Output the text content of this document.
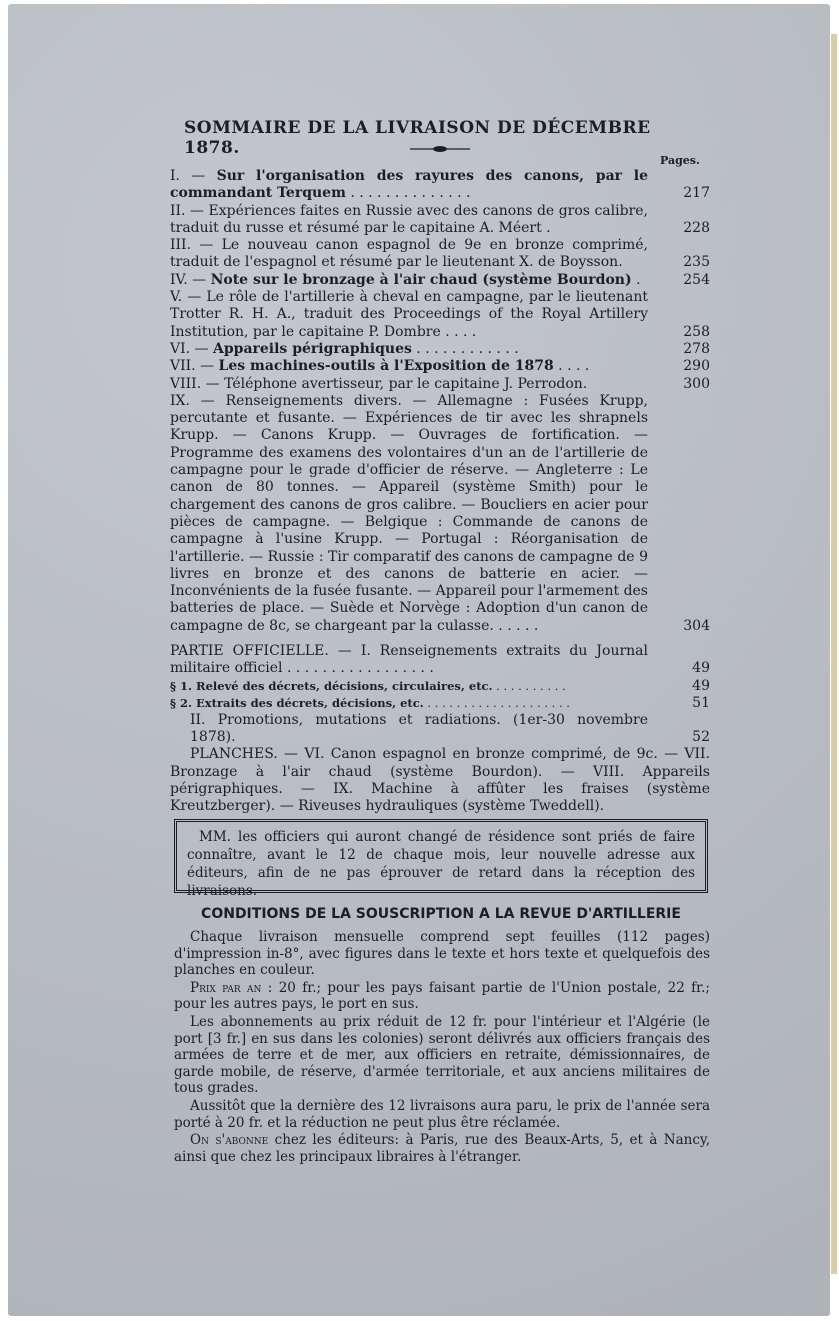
SOMMAIRE DE LA LIVRAISON DE DÉCEMBRE 1878.
Pages.
I. — Sur l'organisation des rayures des canons, par le commandant Terquem . . . . . . . . . . . . . .	217
II. — Expériences faites en Russie avec des canons de gros calibre, traduit du russe et résumé par le capitaine A. Méert .	228
III. — Le nouveau canon espagnol de 9e en bronze comprimé, traduit de l'espagnol et résumé par le lieutenant X. de Boysson.	235
IV. — Note sur le bronzage à l'air chaud (système Bourdon) .	254
V. — Le rôle de l'artillerie à cheval en campagne, par le lieutenant Trotter R. H. A., traduit des Proceedings of the Royal Artillery Institution, par le capitaine P. Dombre . . . .	258
VI. — Appareils périgraphiques . . . . . . . . . . . .	278
VII. — Les machines-outils à l'Exposition de 1878 . . . .	290
VIII. — Téléphone avertisseur, par le capitaine J. Perrodon.	300
IX. — Renseignements divers. — Allemagne : Fusées Krupp, percutante et fusante. — Expériences de tir avec les shrapnels Krupp. — Canons Krupp. — Ouvrages de fortification. — Programme des examens des volontaires d'un an de l'artillerie de campagne pour le grade d'officier de réserve. — Angleterre : Le canon de 80 tonnes. — Appareil (système Smith) pour le chargement des canons de gros calibre. — Boucliers en acier pour pièces de campagne. — Belgique : Commande de canons de campagne à l'usine Krupp. — Portugal : Réorganisation de l'artillerie. — Russie : Tir comparatif des canons de campagne de 9 livres en bronze et des canons de batterie en acier. — Inconvénients de la fusée fusante. — Appareil pour l'armement des batteries de place. — Suède et Norvège : Adoption d'un canon de campagne de 8c, se chargeant par la culasse. . . . . .	304
PARTIE OFFICIELLE. — I. Renseignements extraits du Journal militaire officiel . . . . . . . . . . . . . . . . .	49
§ 1. Relevé des décrets, décisions, circulaires, etc. . . . . . . . . . .	49
§ 2. Extraits des décrets, décisions, etc. . . . . . . . . . . . . . . . . . . . .	51
II. Promotions, mutations et radiations. (1er-30 novembre 1878).	52
PLANCHES. — VI. Canon espagnol en bronze comprimé, de 9c. — VII. Bronzage à l'air chaud (système Bourdon). — VIII. Appareils périgraphiques. — IX. Machine à affûter les fraises (système Kreutzberger). — Riveuses hydrauliques (système Tweddell).

MM. les officiers qui auront changé de résidence sont priés de faire connaître, avant le 12 de chaque mois, leur nouvelle adresse aux éditeurs, afin de ne pas éprouver de retard dans la réception des livraisons.

CONDITIONS DE LA SOUSCRIPTION A LA REVUE D'ARTILLERIE

Chaque livraison mensuelle comprend sept feuilles (112 pages) d'impression in-8°, avec figures dans le texte et hors texte et quelquefois des planches en couleur.

Prix par an : 20 fr.; pour les pays faisant partie de l'Union postale, 22 fr.; pour les autres pays, le port en sus.

Les abonnements au prix réduit de 12 fr. pour l'intérieur et l'Algérie (le port [3 fr.] en sus dans les colonies) seront délivrés aux officiers français des armées de terre et de mer, aux officiers en retraite, démissionnaires, de garde mobile, de réserve, d'armée territoriale, et aux anciens militaires de tous grades.

Aussitôt que la dernière des 12 livraisons aura paru, le prix de l'année sera porté à 20 fr. et la réduction ne peut plus être réclamée.

On s'abonne chez les éditeurs: à Paris, rue des Beaux-Arts, 5, et à Nancy, ainsi que chez les principaux libraires à l'étranger.
